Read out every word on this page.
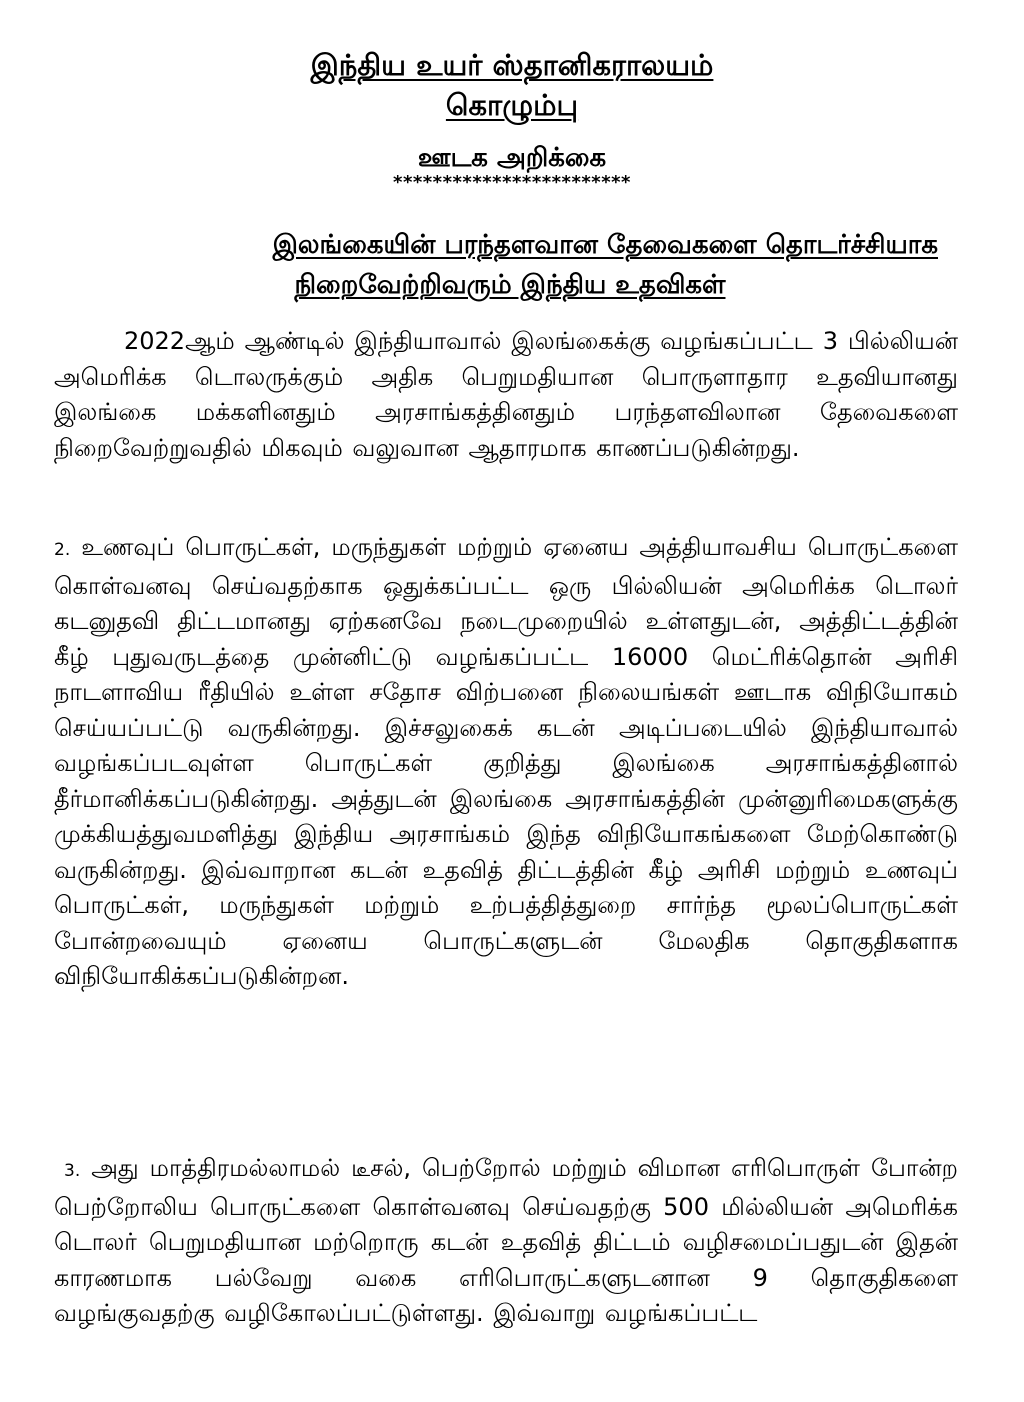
இந்திய உயர் ஸ்தானிகராலயம்
கொழும்பு
ஊடக அறிக்கை
************************
இலங்கையின் பரந்தளவான தேவைகளை தொடர்ச்சியாக
நிறைவேற்றிவரும் இந்திய உதவிகள்
2022ஆம் ஆண்டில் இந்தியாவால் இலங்கைக்கு வழங்கப்பட்ட 3 பில்லியன் அமெரிக்க டொலருக்கும் அதிக பெறுமதியான பொருளாதார உதவியானது இலங்கை மக்களினதும் அரசாங்கத்தினதும் பரந்தளவிலான தேவைகளை நிறைவேற்றுவதில் மிகவும் வலுவான ஆதாரமாக காணப்படுகின்றது.
2. உணவுப் பொருட்கள், மருந்துகள் மற்றும் ஏனைய அத்தியாவசிய பொருட்களை கொள்வனவு செய்வதற்காக ஒதுக்கப்பட்ட ஒரு பில்லியன் அமெரிக்க டொலர் கடனுதவி திட்டமானது ஏற்கனவே நடைமுறையில் உள்ளதுடன், அத்திட்டத்தின் கீழ் புதுவருடத்தை முன்னிட்டு வழங்கப்பட்ட 16000 மெட்ரிக்தொன் அரிசி நாடளாவிய ரீதியில் உள்ள சதோச விற்பனை நிலையங்கள் ஊடாக விநியோகம் செய்யப்பட்டு வருகின்றது. இச்சலுகைக் கடன் அடிப்படையில் இந்தியாவால் வழங்கப்படவுள்ள பொருட்கள் குறித்து இலங்கை அரசாங்கத்தினால் தீர்மானிக்கப்படுகின்றது. அத்துடன் இலங்கை அரசாங்கத்தின் முன்னுரிமைகளுக்கு முக்கியத்துவமளித்து இந்திய அரசாங்கம் இந்த விநியோகங்களை மேற்கொண்டு வருகின்றது. இவ்வாறான கடன் உதவித் திட்டத்தின் கீழ் அரிசி மற்றும் உணவுப் பொருட்கள், மருந்துகள் மற்றும் உற்பத்தித்துறை சார்ந்த மூலப்பொருட்கள் போன்றவையும் ஏனைய பொருட்களுடன் மேலதிக தொகுதிகளாக விநியோகிக்கப்படுகின்றன.
3. அது மாத்திரமல்லாமல் டீசல், பெற்றோல் மற்றும் விமான எரிபொருள் போன்ற பெற்றோலிய பொருட்களை கொள்வனவு செய்வதற்கு 500 மில்லியன் அமெரிக்க டொலர் பெறுமதியான மற்றொரு கடன் உதவித் திட்டம் வழிசமைப்பதுடன் இதன் காரணமாக பல்வேறு வகை எரிபொருட்களுடனான 9 தொகுதிகளை வழங்குவதற்கு வழிகோலப்பட்டுள்ளது. இவ்வாறு வழங்கப்பட்ட
